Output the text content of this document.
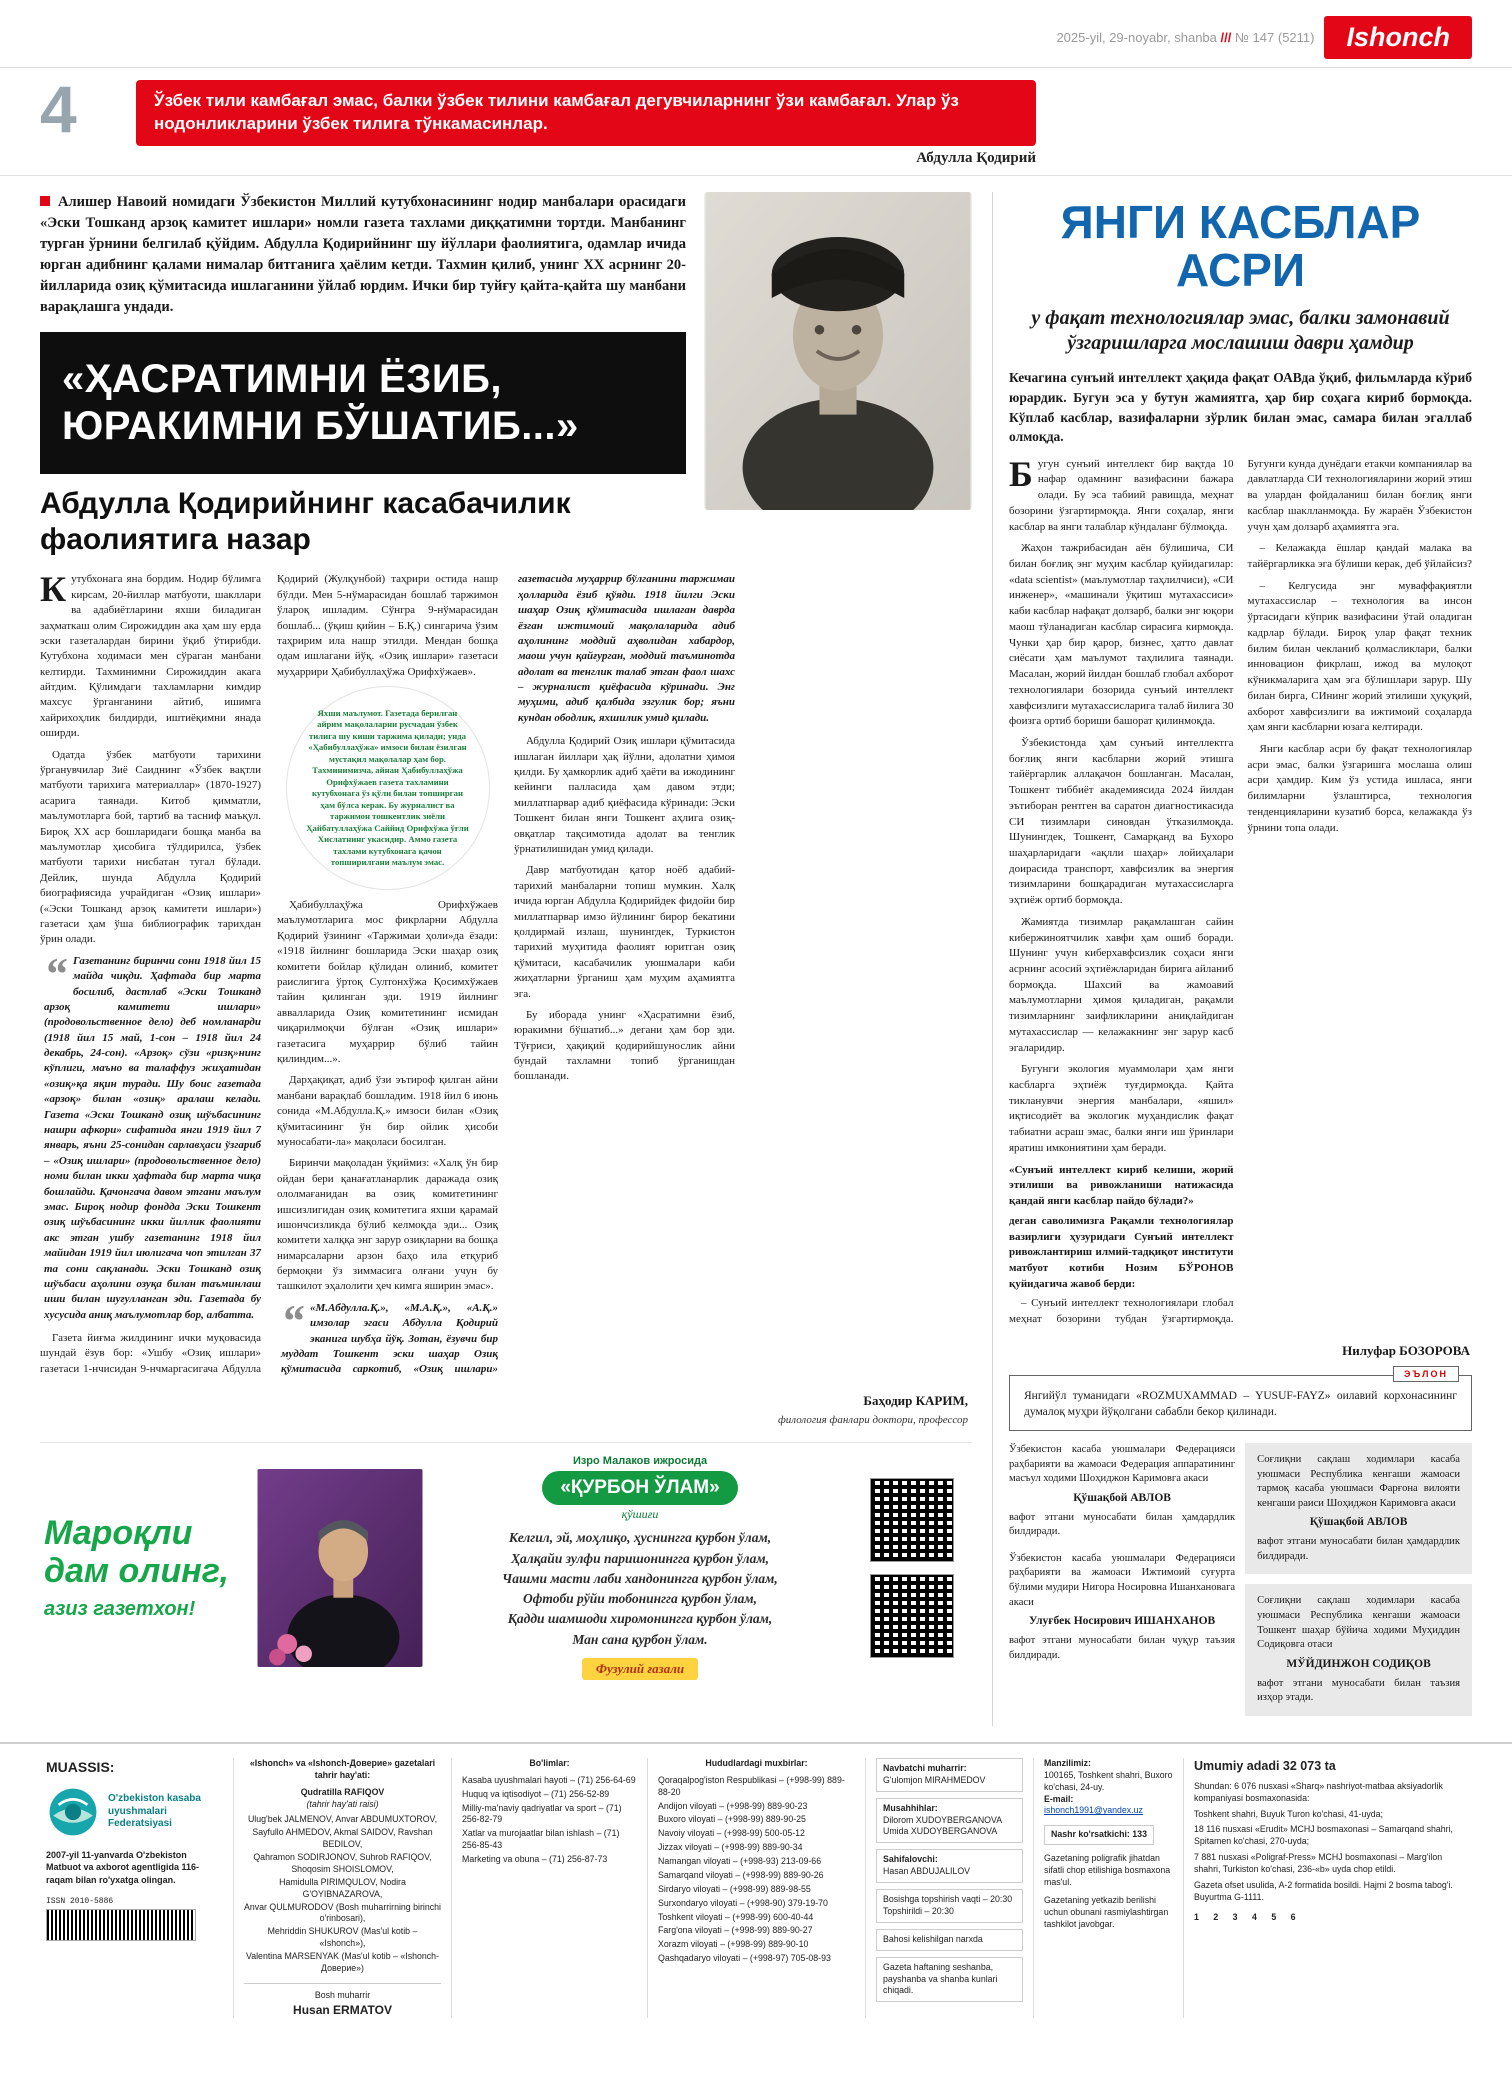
2025-yil, 29-noyabr, shanba /// № 147 (5211)	Ishonch
4	Ўзбек тили камбағал эмас, балки ўзбек тилини камбағал дегувчиларнинг ўзи камбағал. Улар ўз нодонликларини ўзбек тилига тўнкамасинлар.
Абдулла Қодирий

Алишер Навоий номидаги Ўзбекистон Миллий кутубхонасининг нодир манбалари орасидаги «Эски Тошканд арзоқ камитет ишлари» номли газета тахлами диққатимни тортди. Манбанинг турган ўрнини белгилаб қўйдим. Абдулла Қодирийнинг шу йўллари фаолиятига, одамлар ичида юрган адибнинг қалами нималар битганига ҳаёлим кетди. Тахмин қилиб, унинг XX асрнинг 20-йилларида озиқ қўмитасида ишлаганини ўйлаб юрдим. Ички бир туйғу қайта-қайта шу манбани варақлашга ундади.

«ҲАСРАТИМНИ ЁЗИБ,
ЮРАКИМНИ БЎШАТИБ...»
Абдулла Қодирийнинг касабачилик фаолиятига назар

Кутубхонага яна бордим. Нодир бўлимга кирсам, 20-йиллар матбуоти, шакллари ва адабиётларини яхши биладиган заҳматкаш олим Сирожиддин ака ҳам шу ерда эски газеталардан бирини ўқиб ўтирибди. Кутубхона ходимаси мен сўраган манбани келтирди. Тахминимни Сирожиддин акага айтдим. Қўлимдаги тахламларни кимдир махсус ўрганганини айтиб, ишимга хайрихоҳлик билдирди, иштиёқимни янада оширди.

Одатда ўзбек матбуоти тарихини ўрганувчилар Зиё Саиднинг «Ўзбек вақтли матбуоти тарихига материаллар» (1870-1927) асарига таянади. Китоб қимматли, маълумотларга бой, тартиб ва тасниф маъқул. Бироқ ХХ аср бошларидаги бошқа манба ва маълумотлар ҳисобига тўлдирилса, ўзбек матбуоти тарихи нисбатан тугал бўлади. Дейлик, шунда Абдулла Қодирий биографиясида учрайдиган «Озиқ ишлари» («Эски Тошканд арзоқ камитети ишлари») газетаси ҳам ўша библиографик тарихдан ўрин олади.

“ Газетанинг биринчи сони 1918 йил 15 майда чиқди. Ҳафтада бир марта босилиб, дастлаб «Эски Тошканд арзоқ камитети ишлари» (продовольственное дело) деб номланарди (1918 йил 15 май, 1-сон – 1918 йил 24 декабрь, 24-сон). «Арзоқ» сўзи «ризқ»нинг кўплиги, маъно ва талаффуз жиҳатидан «озиқ»қа яқин туради. Шу боис газетада «арзоқ» билан «озиқ» аралаш келади. Газета «Эски Тошканд озиқ шўъбасининг нашри афкори» сифатида янги 1919 йил 7 январь, яъни 25-сонидан сарлавҳаси ўзгариб – «Озиқ ишлари» (продовольственное дело) номи билан икки ҳафтада бир марта чиқа бошлайди. Қачонгача давом этгани маълум эмас. Бироқ нодир фондда Эски Тошкент озиқ шўъбасининг икки йиллик фаолияти акс этган ушбу газетанинг 1918 йил майидан 1919 йил июлигача чоп этилган 37 та сони сақланади. Эски Тошканд озиқ шўъбаси аҳолини озуқа билан таъминлаш иши билан шуғулланган эди. Газетада бу хусусида аниқ маълумотлар бор, албатта.

Газета йиғма жилдининг ички муқовасида шундай ёзув бор: «Ушбу «Озиқ ишлари» газетаси 1-нчисидан 9-нчмаргасигача Абдулла Қодирий (Жулқунбой) таҳрири остида нашр бўлди. Мен 5-нўмарасидан бошлаб таржимон ўлароқ ишладим. Сўнгра 9-нўмарасидан бошлаб... (ўқиш қийин – Б.Қ.) сингарича ўзим таҳририм ила нашр этилди. Мендан бошқа одам ишлагани йўқ. «Озиқ ишлари» газетаси муҳаррири Ҳабибуллаҳўжа Орифхўжаев».

Яхши маълумот. Газетада берилган айрим мақолаларни русчадан ўзбек тилига шу киши таржима қилади; унда «Ҳабибуллаҳўжа» имзоси билан ёзилган мустақил мақолалар ҳам бор. Тахминимизча, айнан Ҳабибуллаҳўжа Орифхўжаев газета тахламини кутубхонага ўз қўли билан топширган ҳам бўлса керак. Бу журналист ва таржимон тошкентлик зиёли Ҳайбатуллаҳўжа Саййид Орифхўжа ўғли Хислатнинг укасидир. Аммо газета тахлами кутубхонага қачон топширилгани маълум эмас.

Ҳабибуллаҳўжа Орифхўжаев маълумотларига мос фикрларни Абдулла Қодирий ўзининг «Таржимаи ҳоли»да ёзади: «1918 йилнинг бошларида Эски шаҳар озиқ комитети бойлар қўлидан олиниб, комитет раислигига ўртоқ Султонхўжа Қосимхўжаев тайин қилинган эди. 1919 йилнинг аввалларида Озиқ комитетининг исмидан чиқарилмоқчи бўлған «Озиқ ишлари» газетасига муҳаррир бўлиб тайин қилиндим...».

Дарҳақиқат, адиб ўзи эътироф қилган айни манбани варақлаб бошладим. 1918 йил 6 июнь сонида «М.Абдулла.Қ.» имзоси билан «Озиқ қўмитасининг ўн бир ойлик ҳисоби муносабати-ла» мақоласи босилган.

Биринчи мақоладан ўқиймиз: «Халқ ўн бир ойдан бери қанағатланарлик даражада озиқ ололмағанидан ва озиқ комитетининг ишсизлигидан озиқ комитетига яхши қарамай ишончсизликда бўлиб келмоқда эди... Озиқ комитети халққа энг зарур озиқларни ва бошқа нимарсаларни арзон баҳо ила етқуриб бермоқни ўз зиммасига олғани учун бу ташкилот эҳалолити ҳеч кимга яширин эмас».

“ «М.Абдулла.Қ.», «М.А.Қ.», «А.Қ.» имзолар эгаси Абдулла Қодирий эканига шубҳа йўқ. Зотан, ёзувчи бир муддат Тошкент эски шаҳар Озиқ қўмитасида саркотиб, «Озиқ ишлари» газетасида муҳаррир бўлганини таржимаи ҳолларида ёзиб қўяди. 1918 йилги Эски шаҳар Озиқ қўмитасида ишлаган даврда ёзган ижтимоий мақолаларида адиб аҳолининг моддий аҳволидан хабардор, маош учун қайғурган, моддий таъминотда адолат ва тенглик талаб этган фаол шахс – журналист қиёфасида кўринади. Энг муҳими, адиб қалбида эзгулик бор; яъни кундан ободлик, яхшилик умид қилади.

Абдулла Қодирий Озиқ ишлари қўмитасида ишлаган йиллари ҳақ йўлни, адолатни ҳимоя қилди. Бу ҳамкорлик адиб ҳаёти ва ижодининг кейинги палласида ҳам давом этди; миллатпарвар адиб қиёфасида кўринади: Эски Тошкент билан янги Тошкент аҳлига озиқ-овқатлар тақсимотида адолат ва тенглик ўрнатилишидан умид қилади.

Давр матбуотидан қатор ноёб адабий-тарихий манбаларни топиш мумкин. Халқ ичида юрган Абдулла Қодирийдек фидойи бир миллатпарвар имзо йўлининг бирор бекатини қолдирмай излаш, шунингдек, Туркистон тарихий муҳитида фаолият юритган озиқ қўмитаси, касабачилик уюшмалари каби жиҳатларни ўрганиш ҳам муҳим аҳамиятга эга.

Бу иборада унинг «Ҳасратимни ёзиб, юракимни бўшатиб...» дегани ҳам бор эди. Тўғриси, ҳақиқий қодирийшунослик айни бундай тахламни топиб ўрганишдан бошланади.

Баҳодир КАРИМ,
филология фанлари доктори, профессор
Мароқли дам олинг,
азиз газетхон!
Изро Малаков ижросида
«ҚУРБОН ЎЛАМ»
қўшиғи
Келгил, эй, моҳлиқо, ҳуснингга қурбон ўлам,
Ҳалқайи зулфи паришонингга қурбон ўлам,
Чашми масти лаби хандонингга қурбон ўлам,
Офтоби рўйи тобонингга қурбон ўлам,
Қадди шамшоди хиромонингга қурбон ўлам,
Ман сана қурбон ўлам.
Фузулий ғазали
ЯНГИ КАСБЛАР
АСРИ
у фақат технологиялар эмас, балки замонавий ўзгаришларга мослашиш даври ҳамдир

Кечагина сунъий интеллект ҳақида фақат ОАВда ўқиб, фильмларда кўриб юрардик. Бугун эса у бутун жамиятга, ҳар бир соҳага кириб бормоқда. Кўплаб касблар, вазифаларни зўрлик билан эмас, самара билан эгаллаб олмоқда.

Бугун сунъий интеллект бир вақтда 10 нафар одамнинг вазифасини бажара олади. Бу эса табиий равишда, меҳнат бозорини ўзгартирмоқда. Янги соҳалар, янги касблар ва янги талаблар кўндаланг бўлмоқда.

Жаҳон тажрибасидан аён бўлишича, СИ билан боғлиқ энг муҳим касблар қуйидагилар: «data scientist» (маълумотлар таҳлилчиси), «СИ инженер», «машинали ўқитиш мутахассиси» каби касблар нафақат долзарб, балки энг юқори маош тўланадиган касблар сирасига кирмоқда. Чунки ҳар бир қарор, бизнес, ҳатто давлат сиёсати ҳам маълумот таҳлилига таянади. Масалан, жорий йилдан бошлаб глобал ахборот технологиялари бозорида сунъий интеллект хавфсизлиги мутахассисларига талаб йилига 30 фоизга ортиб бориши башорат қилинмоқда.

Ўзбекистонда ҳам сунъий интеллектга боғлиқ янги касбларни жорий этишга тайёргарлик аллақачон бошланган. Масалан, Тошкент тиббиёт академиясида 2024 йилдан эътиборан рентген ва саратон диагностикасида СИ тизимлари синовдан ўтказилмоқда. Шунингдек, Тошкент, Самарқанд ва Бухоро шаҳарларидаги «ақлли шаҳар» лойиҳалари доирасида транспорт, хавфсизлик ва энергия тизимларини бошқарадиган мутахассисларга эҳтиёж ортиб бормоқда.

Жамиятда тизимлар рақамлашган сайин кибержиноятчилик хавфи ҳам ошиб боради. Шунинг учун киберхавфсизлик соҳаси янги асрнинг асосий эҳтиёжларидан бирига айланиб бормоқда. Шахсий ва жамоавий маълумотларни ҳимоя қиладиган, рақамли тизимларнинг заифликларини аниқлайдиган мутахассислар — келажакнинг энг зарур касб эгаларидир.

Бугунги экология муаммолари ҳам янги касбларга эҳтиёж туғдирмоқда. Қайта тикланувчи энергия манбалари, «яшил» иқтисодиёт ва экологик муҳандислик фақат табиатни асраш эмас, балки янги иш ўринлари яратиш имкониятини ҳам беради.

«Сунъий интеллект кириб келиши, жорий этилиши ва ривожланиши натижасида қандай янги касблар пайдо бўлади?»
деган саволимизга Рақамли технологиялар вазирлиги ҳузуридаги Сунъий интеллект ривожлантириш илмий-тадқиқот институти матбуот котиби Нозим БЎРОНОВ қуйидагича жавоб берди:

– Сунъий интеллект технологиялари глобал меҳнат бозорини тубдан ўзгартирмоқда. Бугунги кунда дунёдаги етакчи компаниялар ва давлатларда СИ технологияларини жорий этиш ва улардан фойдаланиш билан боғлиқ янги касблар шаклланмоқда. Бу жараён Ўзбекистон учун ҳам долзарб аҳамиятга эга.

– Келажакда ёшлар қандай малака ва тайёргарликка эга бўлиши керак, деб ўйлайсиз?

– Келгусида энг муваффақиятли мутахассислар – технология ва инсон ўртасидаги кўприк вазифасини ўтай оладиган кадрлар бўлади. Бироқ улар фақат техник билим билан чекланиб қолмасликлари, балки инновацион фикрлаш, ижод ва мулоқот кўникмаларига ҳам эга бўлишлари зарур. Шу билан бирга, СИнинг жорий этилиши ҳуқуқий, ахборот хавфсизлиги ва ижтимоий соҳаларда ҳам янги касбларни юзага келтиради.

Янги касблар асри бу фақат технологиялар асри эмас, балки ўзгаришга мослаша олиш асри ҳамдир. Ким ўз устида ишласа, янги билимларни ўзлаштирса, технология тенденцияларини кузатиб борса, келажакда ўз ўрнини топа олади.

Нилуфар БОЗОРОВА
ЭЪЛОН
Янгийўл туманидаги «ROZMUXAMMAD – YUSUF-FAYZ» оилавий корхонасининг думалоқ муҳри йўқолгани сабабли бекор қилинади.
Ўзбекистон касаба уюшмалари Федерацияси раҳбарияти ва жамоаси Федерация аппаратининг масъул ходими Шоҳиджон Каримовга акаси
Қўшақбой АВЛОВ
вафот этгани муносабати билан ҳамдардлик билдиради.
Ўзбекистон касаба уюшмалари Федерацияси раҳбарияти ва жамоаси Ижтимоий суғурта бўлими мудири Нигора Носировна Ишанхановага акаси
Улуғбек Носирович ИШАНХАНОВ
вафот этгани муносабати билан чуқур таъзия билдиради.
Соғлиқни сақлаш ходимлари касаба уюшмаси Республика кенгаши жамоаси тармоқ касаба уюшмаси Фарғона вилояти кенгаши раиси Шоҳиджон Каримовга акаси
Қўшақбой АВЛОВ
вафот этгани муносабати билан ҳамдардлик билдиради.
Соғлиқни сақлаш ходимлари касаба уюшмаси Республика кенгаши жамоаси Тошкент шаҳар бўйича ходими Муҳиддин Содиқовга отаси
МЎЙДИНЖОН СОДИҚОВ
вафот этгани муносабати билан таъзия изҳор этади.
MUASSIS:
O'zbekiston kasaba uyushmalari Federatsiyasi
2007-yil 11-yanvarda O'zbekiston Matbuot va axborot agentligida 116-raqam bilan ro'yxatga olingan.
ISSN 2010-5886
«Ishonch» va «Ishonch-Доверие» gazetalari tahrir hay'ati:
Qudratilla RAFIQOV
(tahrir hay'ati raisi)
Ulug'bek JALMENOV, Anvar ABDUMUXTOROV,
Sayfullo AHMEDOV, Akmal SAIDOV, Ravshan BEDILOV,
Qahramon SODIRJONOV, Suhrob RAFIQOV, Shoqosim SHOISLOMOV,
Hamidulla PIRIMQULOV, Nodira G'OYIBNAZAROVA,
Anvar QULMURODOV (Bosh muharrirning birinchi o'rinbosari),
Mehriddin SHUKUROV (Mas'ul kotib – «Ishonch»),
Valentina MARSENYAK (Mas'ul kotib – «Ishonch-Доверие»)
Bosh muharrir
Husan ERMATOV
Bo'limlar:
Kasaba uyushmalari hayoti – (71) 256-64-69
Huquq va iqtisodiyot – (71) 256-52-89
Milliy-ma'naviy qadriyatlar va sport – (71) 256-82-79
Xatlar va murojaatlar bilan ishlash – (71) 256-85-43
Marketing va obuna – (71) 256-87-73
Hududlardagi muxbirlar:
Qoraqalpog'iston Respublikasi – (+998-99) 889-88-20
Andijon viloyati – (+998-99) 889-90-23
Buxoro viloyati – (+998-99) 889-90-25
Navoiy viloyati – (+998-99) 500-05-12
Jizzax viloyati – (+998-99) 889-90-34
Namangan viloyati – (+998-93) 213-09-66
Samarqand viloyati – (+998-99) 889-90-26
Sirdaryo viloyati – (+998-99) 889-98-55
Surxondaryo viloyati – (+998-90) 379-19-70
Toshkent viloyati – (+998-99) 600-40-44
Farg'ona viloyati – (+998-99) 889-90-27
Xorazm viloyati – (+998-99) 889-90-10
Qashqadaryo viloyati – (+998-97) 705-08-93
Navbatchi muharrir:
G'ulomjon MIRAHMEDOV
Musahhihlar:
Dilorom XUDOYBERGANOVA
Umida XUDOYBERGANOVA
Sahifalovchi:
Hasan ABDUJALILOV
Bosishga topshirish vaqti – 20:30
Topshirildi – 20:30
Bahosi kelishilgan narxda
Gazeta haftaning seshanba, payshanba va shanba kunlari chiqadi.
Manzilimiz:
100165, Toshkent shahri, Buxoro ko'chasi, 24-uy.
E-mail:
ishonch1991@yandex.uz
Nashr ko'rsatkichi: 133
Gazetaning poligrafik jihatdan sifatli chop etilishiga bosmaxona mas'ul.
Gazetaning yetkazib berilishi uchun obunani rasmiylashtirgan tashkilot javobgar.
Umumiy adadi 32 073 ta
Shundan: 6 076 nusxasi «Sharq» nashriyot-matbaa aksiyadorlik kompaniyasi bosmaxonasida:
Toshkent shahri, Buyuk Turon ko'chasi, 41-uyda;
18 116 nusxasi «Erudit» MCHJ bosmaxonasi – Samarqand shahri, Spitamen ko'chasi, 270-uyda;
7 881 nusxasi «Poligraf-Press» MCHJ bosmaxonasi – Marg'ilon shahri, Turkiston ko'chasi, 236-«b» uyda chop etildi.
Gazeta ofset usulida, A-2 formatida bosildi. Hajmi 2 bosma tabog'i. Buyurtma G-1111.
1 2 3 4 5 6
